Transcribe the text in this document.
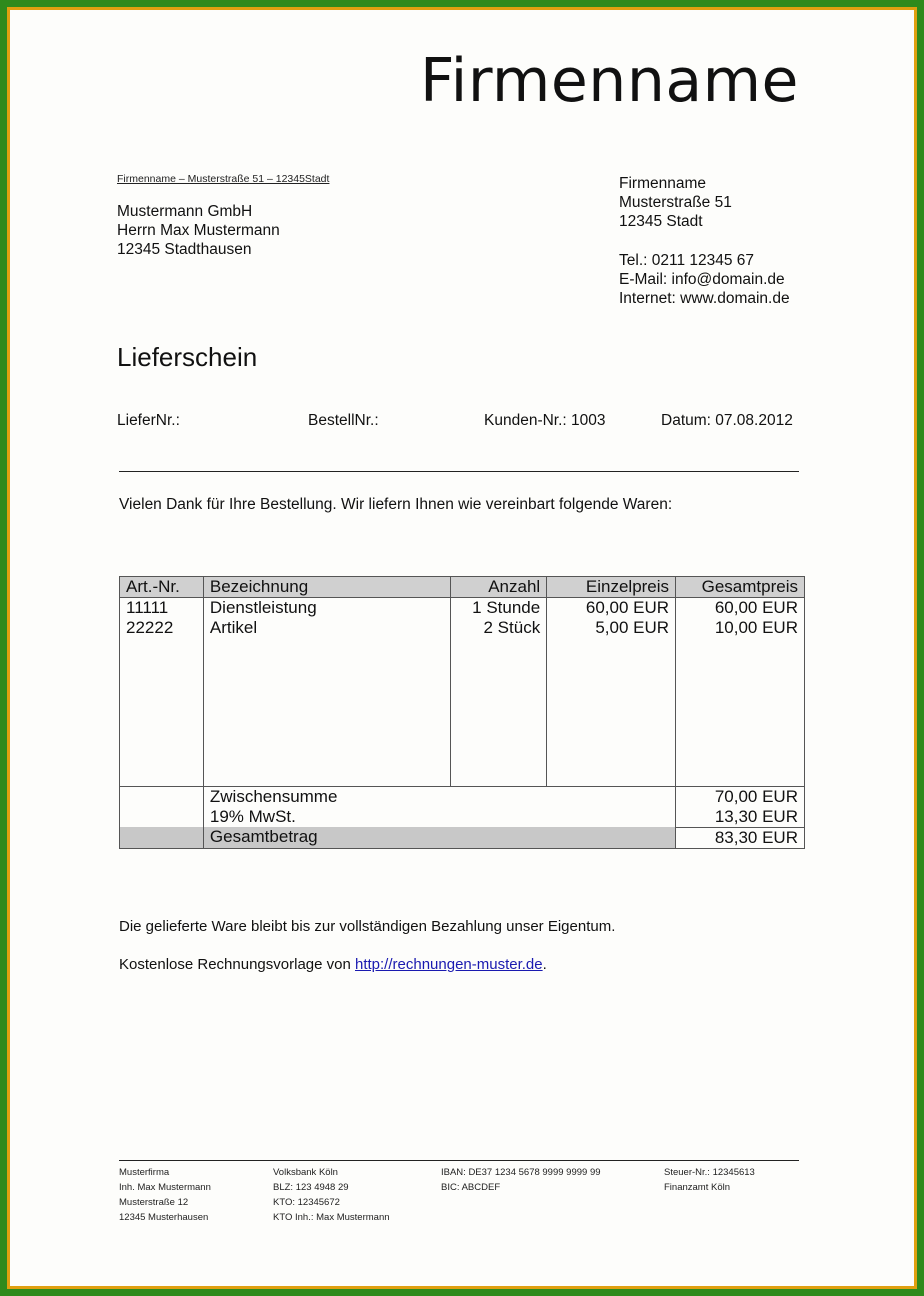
Firmenname
Firmenname – Musterstraße 51 – 12345Stadt
Mustermann GmbH
Herrn Max Mustermann
12345 Stadthausen
Firmenname
Musterstraße 51
12345 Stadt
Tel.: 0211 12345 67
E-Mail: info@domain.de
Internet: www.domain.de
Lieferschein
LieferNr.:	BestellNr.:	Kunden-Nr.: 1003	Datum: 07.08.2012
Vielen Dank für Ihre Bestellung. Wir liefern Ihnen wie vereinbart folgende Waren:
Art.-Nr.	Bezeichnung	Anzahl	Einzelpreis	Gesamtpreis
11111	Dienstleistung	1 Stunde	60,00 EUR	60,00 EUR
22222	Artikel	2 Stück	5,00 EUR	10,00 EUR

	Zwischensumme			70,00 EUR
	19% MwSt.			13,30 EUR
	Gesamtbetrag			83,30 EUR
Die gelieferte Ware bleibt bis zur vollständigen Bezahlung unser Eigentum.
Kostenlose Rechnungsvorlage von http://rechnungen-muster.de.
Musterfirma
Inh. Max Mustermann
Musterstraße 12
12345 Musterhausen
Volksbank Köln
BLZ: 123 4948 29
KTO: 12345672
KTO Inh.: Max Mustermann
IBAN: DE37 1234 5678 9999 9999 99
BIC: ABCDEF
Steuer-Nr.: 12345613
Finanzamt Köln
